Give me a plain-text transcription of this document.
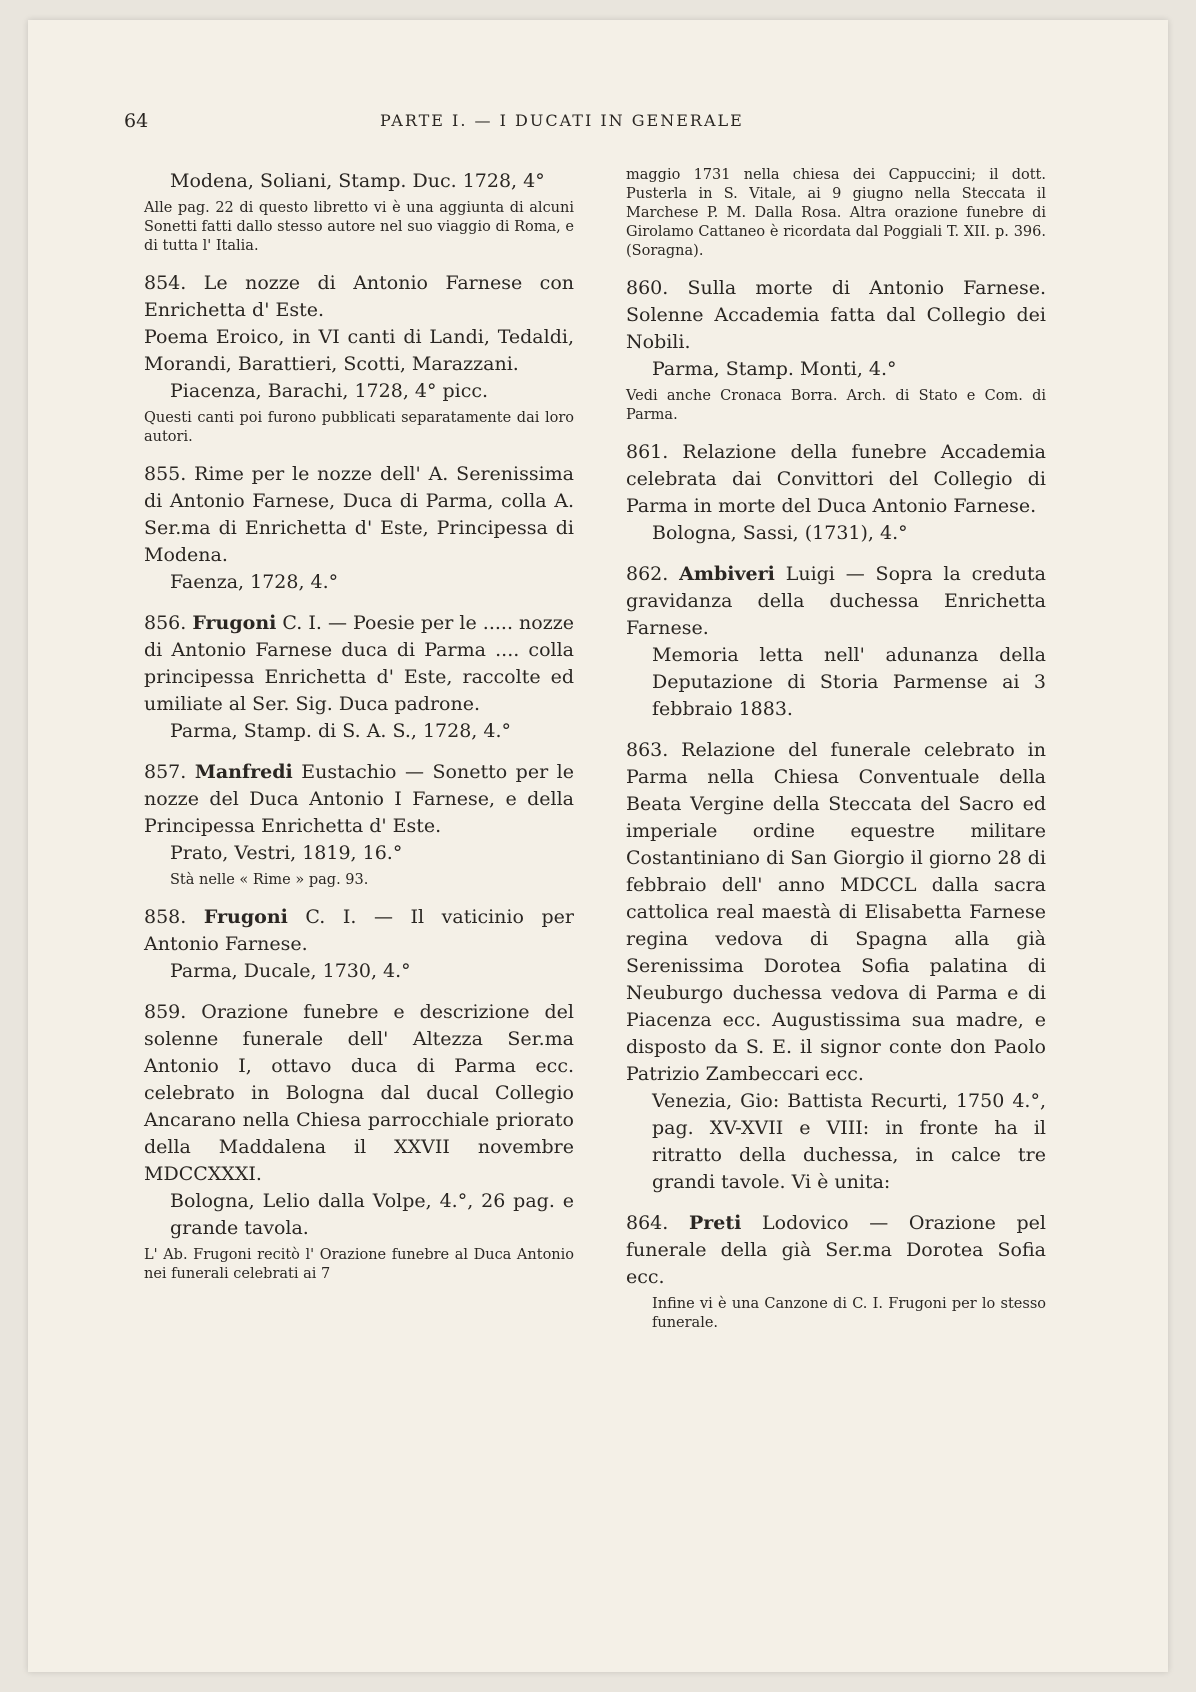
64	PARTE I. — I DUCATI IN GENERALE

Modena, Soliani, Stamp. Duc. 1728, 4°

Alle pag. 22 di questo libretto vi è una aggiunta di alcuni Sonetti fatti dallo stesso autore nel suo viaggio di Roma, e di tutta l' Italia.

854. Le nozze di Antonio Farnese con Enrichetta d' Este.

Poema Eroico, in VI canti di Landi, Tedaldi, Morandi, Barattieri, Scotti, Marazzani.

Piacenza, Barachi, 1728, 4° picc.

Questi canti poi furono pubblicati separatamente dai loro autori.

855. Rime per le nozze dell' A. Serenissima di Antonio Farnese, Duca di Parma, colla A. Ser.ma di Enrichetta d' Este, Principessa di Modena.

Faenza, 1728, 4.°

856. Frugoni C. I. — Poesie per le ..... nozze di Antonio Farnese duca di Parma .... colla principessa Enrichetta d' Este, raccolte ed umiliate al Ser. Sig. Duca padrone.

Parma, Stamp. di S. A. S., 1728, 4.°

857. Manfredi Eustachio — Sonetto per le nozze del Duca Antonio I Farnese, e della Principessa Enrichetta d' Este.

Prato, Vestri, 1819, 16.°

Stà nelle « Rime » pag. 93.

858. Frugoni C. I. — Il vaticinio per Antonio Farnese.

Parma, Ducale, 1730, 4.°

859. Orazione funebre e descrizione del solenne funerale dell' Altezza Ser.ma Antonio I, ottavo duca di Parma ecc. celebrato in Bologna dal ducal Collegio Ancarano nella Chiesa parrocchiale priorato della Maddalena il XXVII novembre MDCCXXXI.

Bologna, Lelio dalla Volpe, 4.°, 26 pag. e grande tavola.

L' Ab. Frugoni recitò l' Orazione funebre al Duca Antonio nei funerali celebrati ai 7

maggio 1731 nella chiesa dei Cappuccini; il dott. Pusterla in S. Vitale, ai 9 giugno nella Steccata il Marchese P. M. Dalla Rosa. Altra orazione funebre di Girolamo Cattaneo è ricordata dal Poggiali T. XII. p. 396. (Soragna).

860. Sulla morte di Antonio Farnese. Solenne Accademia fatta dal Collegio dei Nobili.

Parma, Stamp. Monti, 4.°

Vedi anche Cronaca Borra. Arch. di Stato e Com. di Parma.

861. Relazione della funebre Accademia celebrata dai Convittori del Collegio di Parma in morte del Duca Antonio Farnese.

Bologna, Sassi, (1731), 4.°

862. Ambiveri Luigi — Sopra la creduta gravidanza della duchessa Enrichetta Farnese.

Memoria letta nell' adunanza della Deputazione di Storia Parmense ai 3 febbraio 1883.

863. Relazione del funerale celebrato in Parma nella Chiesa Conventuale della Beata Vergine della Steccata del Sacro ed imperiale ordine equestre militare Costantiniano di San Giorgio il giorno 28 di febbraio dell' anno MDCCL dalla sacra cattolica real maestà di Elisabetta Farnese regina vedova di Spagna alla già Serenissima Dorotea Sofia palatina di Neuburgo duchessa vedova di Parma e di Piacenza ecc. Augustissima sua madre, e disposto da S. E. il signor conte don Paolo Patrizio Zambeccari ecc.

Venezia, Gio: Battista Recurti, 1750 4.°, pag. XV-XVII e VIII: in fronte ha il ritratto della duchessa, in calce tre grandi tavole. Vi è unita:

864. Preti Lodovico — Orazione pel funerale della già Ser.ma Dorotea Sofia ecc.

Infine vi è una Canzone di C. I. Frugoni per lo stesso funerale.
